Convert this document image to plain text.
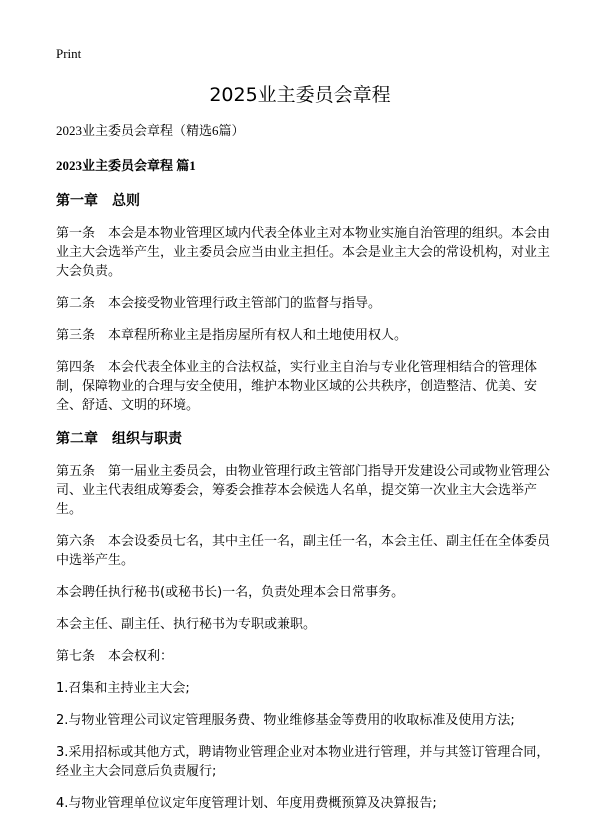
Print
2025业主委员会章程

2023业主委员会章程（精选6篇）

2023业主委员会章程 篇1

第一章　总则

第一条　本会是本物业管理区域内代表全体业主对本物业实施自治管理的组织。本会由业主大会选举产生，业主委员会应当由业主担任。本会是业主大会的常设机构，对业主大会负责。

第二条　本会接受物业管理行政主管部门的监督与指导。

第三条　本章程所称业主是指房屋所有权人和土地使用权人。

第四条　本会代表全体业主的合法权益，实行业主自治与专业化管理相结合的管理体制，保障物业的合理与安全使用，维护本物业区域的公共秩序，创造整洁、优美、安全、舒适、文明的环境。

第二章　组织与职责

第五条　第一届业主委员会，由物业管理行政主管部门指导开发建设公司或物业管理公司、业主代表组成筹委会，筹委会推荐本会候选人名单，提交第一次业主大会选举产生。

第六条　本会设委员七名，其中主任一名，副主任一名，本会主任、副主任在全体委员中选举产生。

本会聘任执行秘书(或秘书长)一名，负责处理本会日常事务。

本会主任、副主任、执行秘书为专职或兼职。

第七条　本会权利：

1.召集和主持业主大会;

2.与物业管理公司议定管理服务费、物业维修基金等费用的收取标准及使用方法;

3.采用招标或其他方式，聘请物业管理企业对本物业进行管理，并与其签订管理合同，经业主大会同意后负责履行;

4.与物业管理单位议定年度管理计划、年度用费概预算及决算报告;
